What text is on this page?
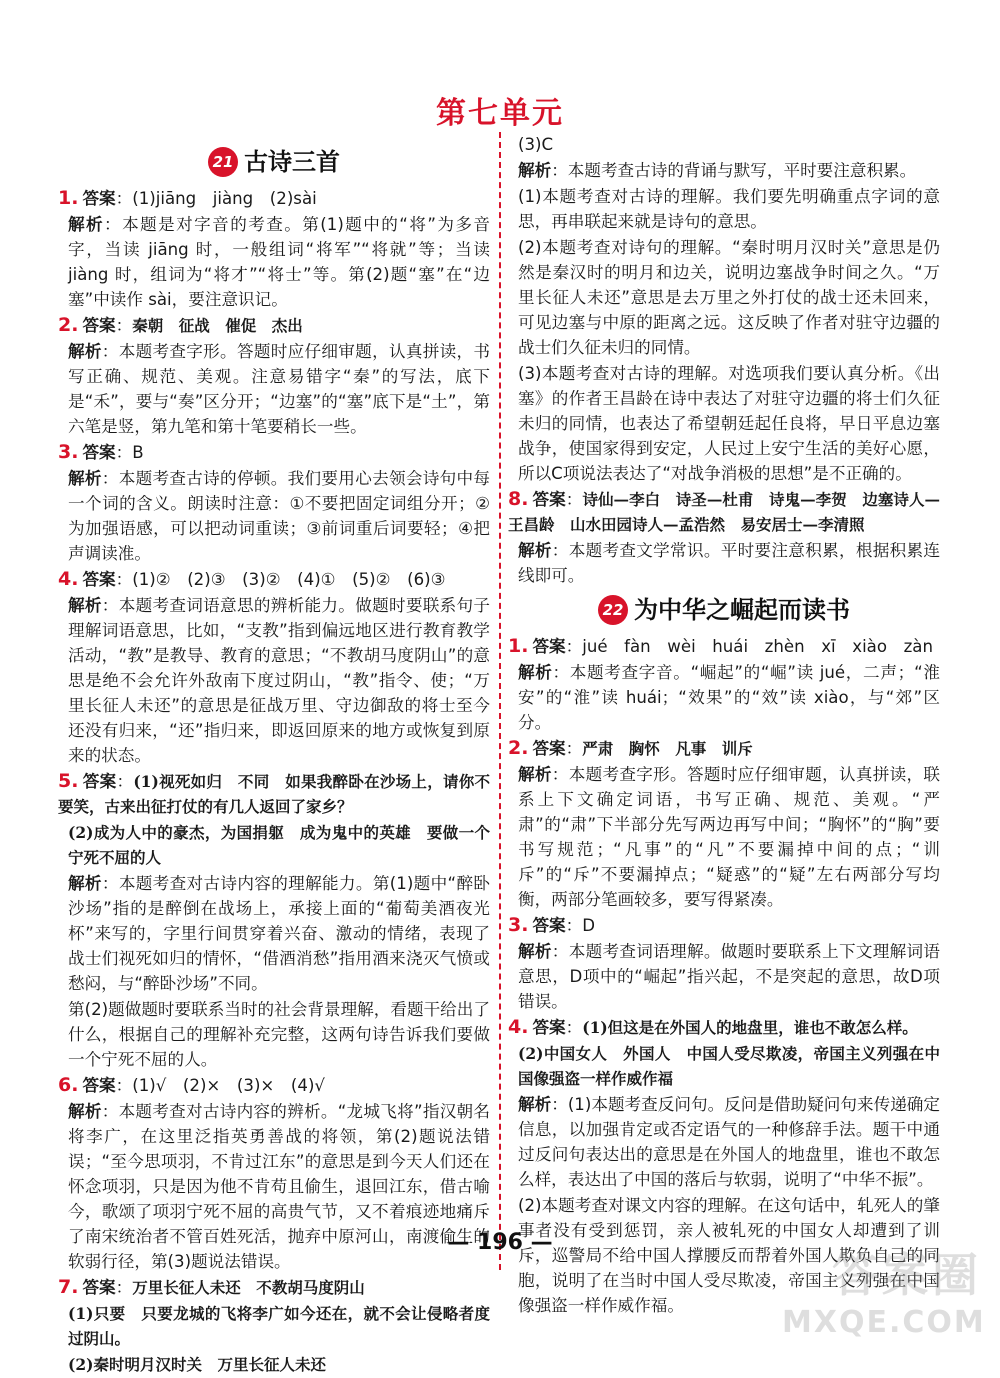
第七单元
21 古诗三首
1. 答案：(1)jiāng　jiàng　(2)sài
解析：本题是对字音的考查。第(1)题中的“将”为多音字，当读 jiāng 时，一般组词“将军”“将就”等；当读 jiàng 时，组词为“将才”“将士”等。第(2)题“塞”在“边塞”中读作 sài，要注意识记。
2. 答案：秦朝　征战　催促　杰出
解析：本题考查字形。答题时应仔细审题，认真拼读，书写正确、规范、美观。注意易错字“秦”的写法，底下是“禾”，要与“奏”区分开；“边塞”的“塞”底下是“土”，第六笔是竖，第九笔和第十笔要稍长一些。
3. 答案：B
解析：本题考查古诗的停顿。我们要用心去领会诗句中每一个词的含义。朗读时注意：①不要把固定词组分开；②为加强语感，可以把动词重读；③前词重后词要轻；④把声调读准。
4. 答案：(1)②　(2)③　(3)②　(4)①　(5)②　(6)③
解析：本题考查词语意思的辨析能力。做题时要联系句子理解词语意思，比如，“支教”指到偏远地区进行教育教学活动，“教”是教导、教育的意思；“不教胡马度阴山”的意思是绝不会允许外敌南下度过阴山，“教”指令、使；“万里长征人未还”的意思是征战万里、守边御敌的将士至今还没有归来，“还”指归来，即返回原来的地方或恢复到原来的状态。
5. 答案：(1)视死如归　不同　如果我醉卧在沙场上，请你不要笑，古来出征打仗的有几人返回了家乡？
(2)成为人中的豪杰，为国捐躯　成为鬼中的英雄　要做一个宁死不屈的人
解析：本题考查对古诗内容的理解能力。第(1)题中“醉卧沙场”指的是醉倒在战场上，承接上面的“葡萄美酒夜光杯”来写的，字里行间贯穿着兴奋、激动的情绪，表现了战士们视死如归的情怀，“借酒消愁”指用酒来浇灭气愤或愁闷，与“醉卧沙场”不同。
第(2)题做题时要联系当时的社会背景理解，看题干给出了什么，根据自己的理解补充完整，这两句诗告诉我们要做一个宁死不屈的人。
6. 答案：(1)√　(2)×　(3)×　(4)√
解析：本题考查对古诗内容的辨析。“龙城飞将”指汉朝名将李广，在这里泛指英勇善战的将领，第(2)题说法错误；“至今思项羽，不肯过江东”的意思是到今天人们还在怀念项羽，只是因为他不肯苟且偷生，退回江东，借古喻今，歌颂了项羽宁死不屈的高贵气节，又不着痕迹地痛斥了南宋统治者不管百姓死活，抛弃中原河山，南渡偷生的软弱行径，第(3)题说法错误。
7. 答案：万里长征人未还　不教胡马度阴山
(1)只要　只要龙城的飞将李广如今还在，就不会让侵略者度过阴山。
(2)秦时明月汉时关　万里长征人未还
(3)C
解析：本题考查古诗的背诵与默写，平时要注意积累。
(1)本题考查对古诗的理解。我们要先明确重点字词的意思，再串联起来就是诗句的意思。
(2)本题考查对诗句的理解。“秦时明月汉时关”意思是仍然是秦汉时的明月和边关，说明边塞战争时间之久。“万里长征人未还”意思是去万里之外打仗的战士还未回来，可见边塞与中原的距离之远。这反映了作者对驻守边疆的战士们久征未归的同情。
(3)本题考查对古诗的理解。对选项我们要认真分析。《出塞》的作者王昌龄在诗中表达了对驻守边疆的将士们久征未归的同情，也表达了希望朝廷起任良将，早日平息边塞战争，使国家得到安定，人民过上安宁生活的美好心愿，所以C项说法表达了“对战争消极的思想”是不正确的。
8. 答案：诗仙—李白　诗圣—杜甫　诗鬼—李贺　边塞诗人—王昌龄　山水田园诗人—孟浩然　易安居士—李清照
解析：本题考查文学常识。平时要注意积累，根据积累连线即可。
22 为中华之崛起而读书
1. 答案：jué　fàn　wèi　huái　zhèn　xī　xiào　zàn
解析：本题考查字音。“崛起”的“崛”读 jué，二声；“淮安”的“淮”读 huái；“效果”的“效”读 xiào，与“郊”区分。
2. 答案：严肃　胸怀　凡事　训斥
解析：本题考查字形。答题时应仔细审题，认真拼读，联系上下文确定词语，书写正确、规范、美观。“严肃”的“肃”下半部分先写两边再写中间；“胸怀”的“胸”要书写规范；“凡事”的“凡”不要漏掉中间的点；“训斥”的“斥”不要漏掉点；“疑惑”的“疑”左右两部分写均衡，两部分笔画较多，要写得紧凑。
3. 答案：D
解析：本题考查词语理解。做题时要联系上下文理解词语意思，D项中的“崛起”指兴起，不是突起的意思，故D项错误。
4. 答案：(1)但这是在外国人的地盘里，谁也不敢怎么样。
(2)中国女人　外国人　中国人受尽欺凌，帝国主义列强在中国像强盗一样作威作福
解析：(1)本题考查反问句。反问是借助疑问句来传递确定信息，以加强肯定或否定语气的一种修辞手法。题干中通过反问句表达出的意思是在外国人的地盘里，谁也不敢怎么样，表达出了中国的落后与软弱，说明了“中华不振”。
(2)本题考查对课文内容的理解。在这句话中，轧死人的肇事者没有受到惩罚，亲人被轧死的中国女人却遭到了训斥，巡警局不给中国人撑腰反而帮着外国人欺负自己的同胞，说明了在当时中国人受尽欺凌，帝国主义列强在中国像强盗一样作威作福。
— 196 —
答案圈
MXQE.COM
